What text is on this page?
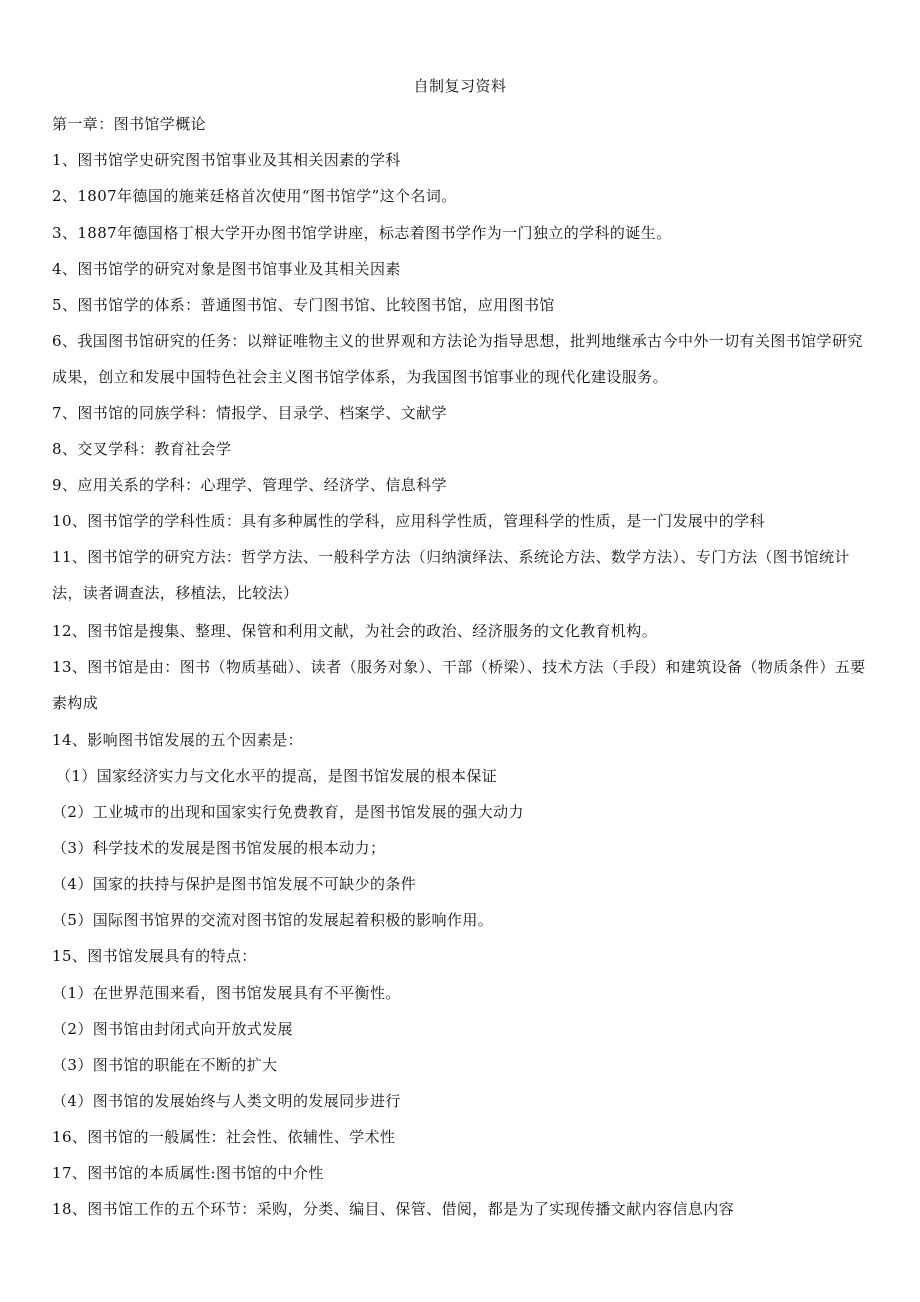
自制复习资料
第一章：图书馆学概论
1、图书馆学史研究图书馆事业及其相关因素的学科
2、1807年德国的施莱廷格首次使用“图书馆学”这个名词。
3、1887年德国格丁根大学开办图书馆学讲座，标志着图书学作为一门独立的学科的诞生。
4、图书馆学的研究对象是图书馆事业及其相关因素
5、图书馆学的体系：普通图书馆、专门图书馆、比较图书馆，应用图书馆
6、我国图书馆研究的任务：以辩证唯物主义的世界观和方法论为指导思想，批判地继承古今中外一切有关图书馆学研究成果，创立和发展中国特色社会主义图书馆学体系，为我国图书馆事业的现代化建设服务。
7、图书馆的同族学科：情报学、目录学、档案学、文献学
8、交叉学科：教育社会学
9、应用关系的学科：心理学、管理学、经济学、信息科学
10、图书馆学的学科性质：具有多种属性的学科，应用科学性质，管理科学的性质，是一门发展中的学科
11、图书馆学的研究方法：哲学方法、一般科学方法（归纳演绎法、系统论方法、数学方法）、专门方法（图书馆统计法，读者调查法，移植法，比较法）
12、图书馆是搜集、整理、保管和利用文献，为社会的政治、经济服务的文化教育机构。
13、图书馆是由：图书（物质基础）、读者（服务对象）、干部（桥梁）、技术方法（手段）和建筑设备（物质条件）五要素构成
14、影响图书馆发展的五个因素是：
（1）国家经济实力与文化水平的提高，是图书馆发展的根本保证
（2）工业城市的出现和国家实行免费教育，是图书馆发展的强大动力
（3）科学技术的发展是图书馆发展的根本动力；
（4）国家的扶持与保护是图书馆发展不可缺少的条件
（5）国际图书馆界的交流对图书馆的发展起着积极的影响作用。
15、图书馆发展具有的特点：
（1）在世界范围来看，图书馆发展具有不平衡性。
（2）图书馆由封闭式向开放式发展
（3）图书馆的职能在不断的扩大
（4）图书馆的发展始终与人类文明的发展同步进行
16、图书馆的一般属性：社会性、依辅性、学术性
17、图书馆的本质属性:图书馆的中介性
18、图书馆工作的五个环节：采购，分类、编目、保管、借阅，都是为了实现传播文献内容信息内容
